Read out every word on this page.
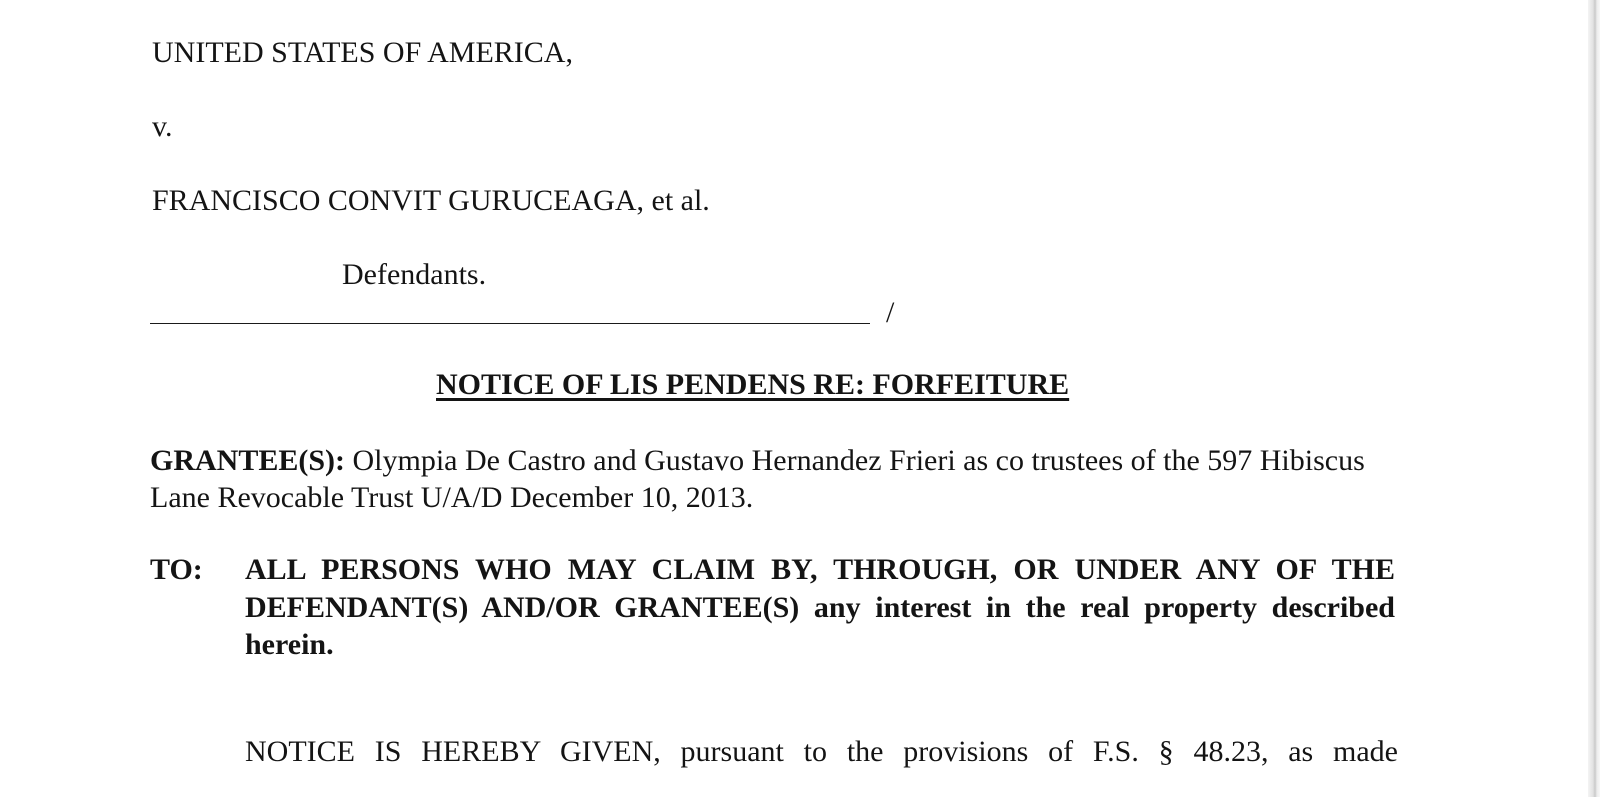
UNITED STATES OF AMERICA,
v.
FRANCISCO CONVIT GURUCEAGA, et al.
Defendants.
/
NOTICE OF LIS PENDENS RE: FORFEITURE
GRANTEE(S): Olympia De Castro and Gustavo Hernandez Frieri as co trustees of the 597 Hibiscus Lane Revocable Trust U/A/D December 10, 2013.
TO: ALL PERSONS WHO MAY CLAIM BY, THROUGH, OR UNDER ANY OF THE DEFENDANT(S) AND/OR GRANTEE(S) any interest in the real property described herein.
NOTICE IS HEREBY GIVEN, pursuant to the provisions of F.S. § 48.23, as made
